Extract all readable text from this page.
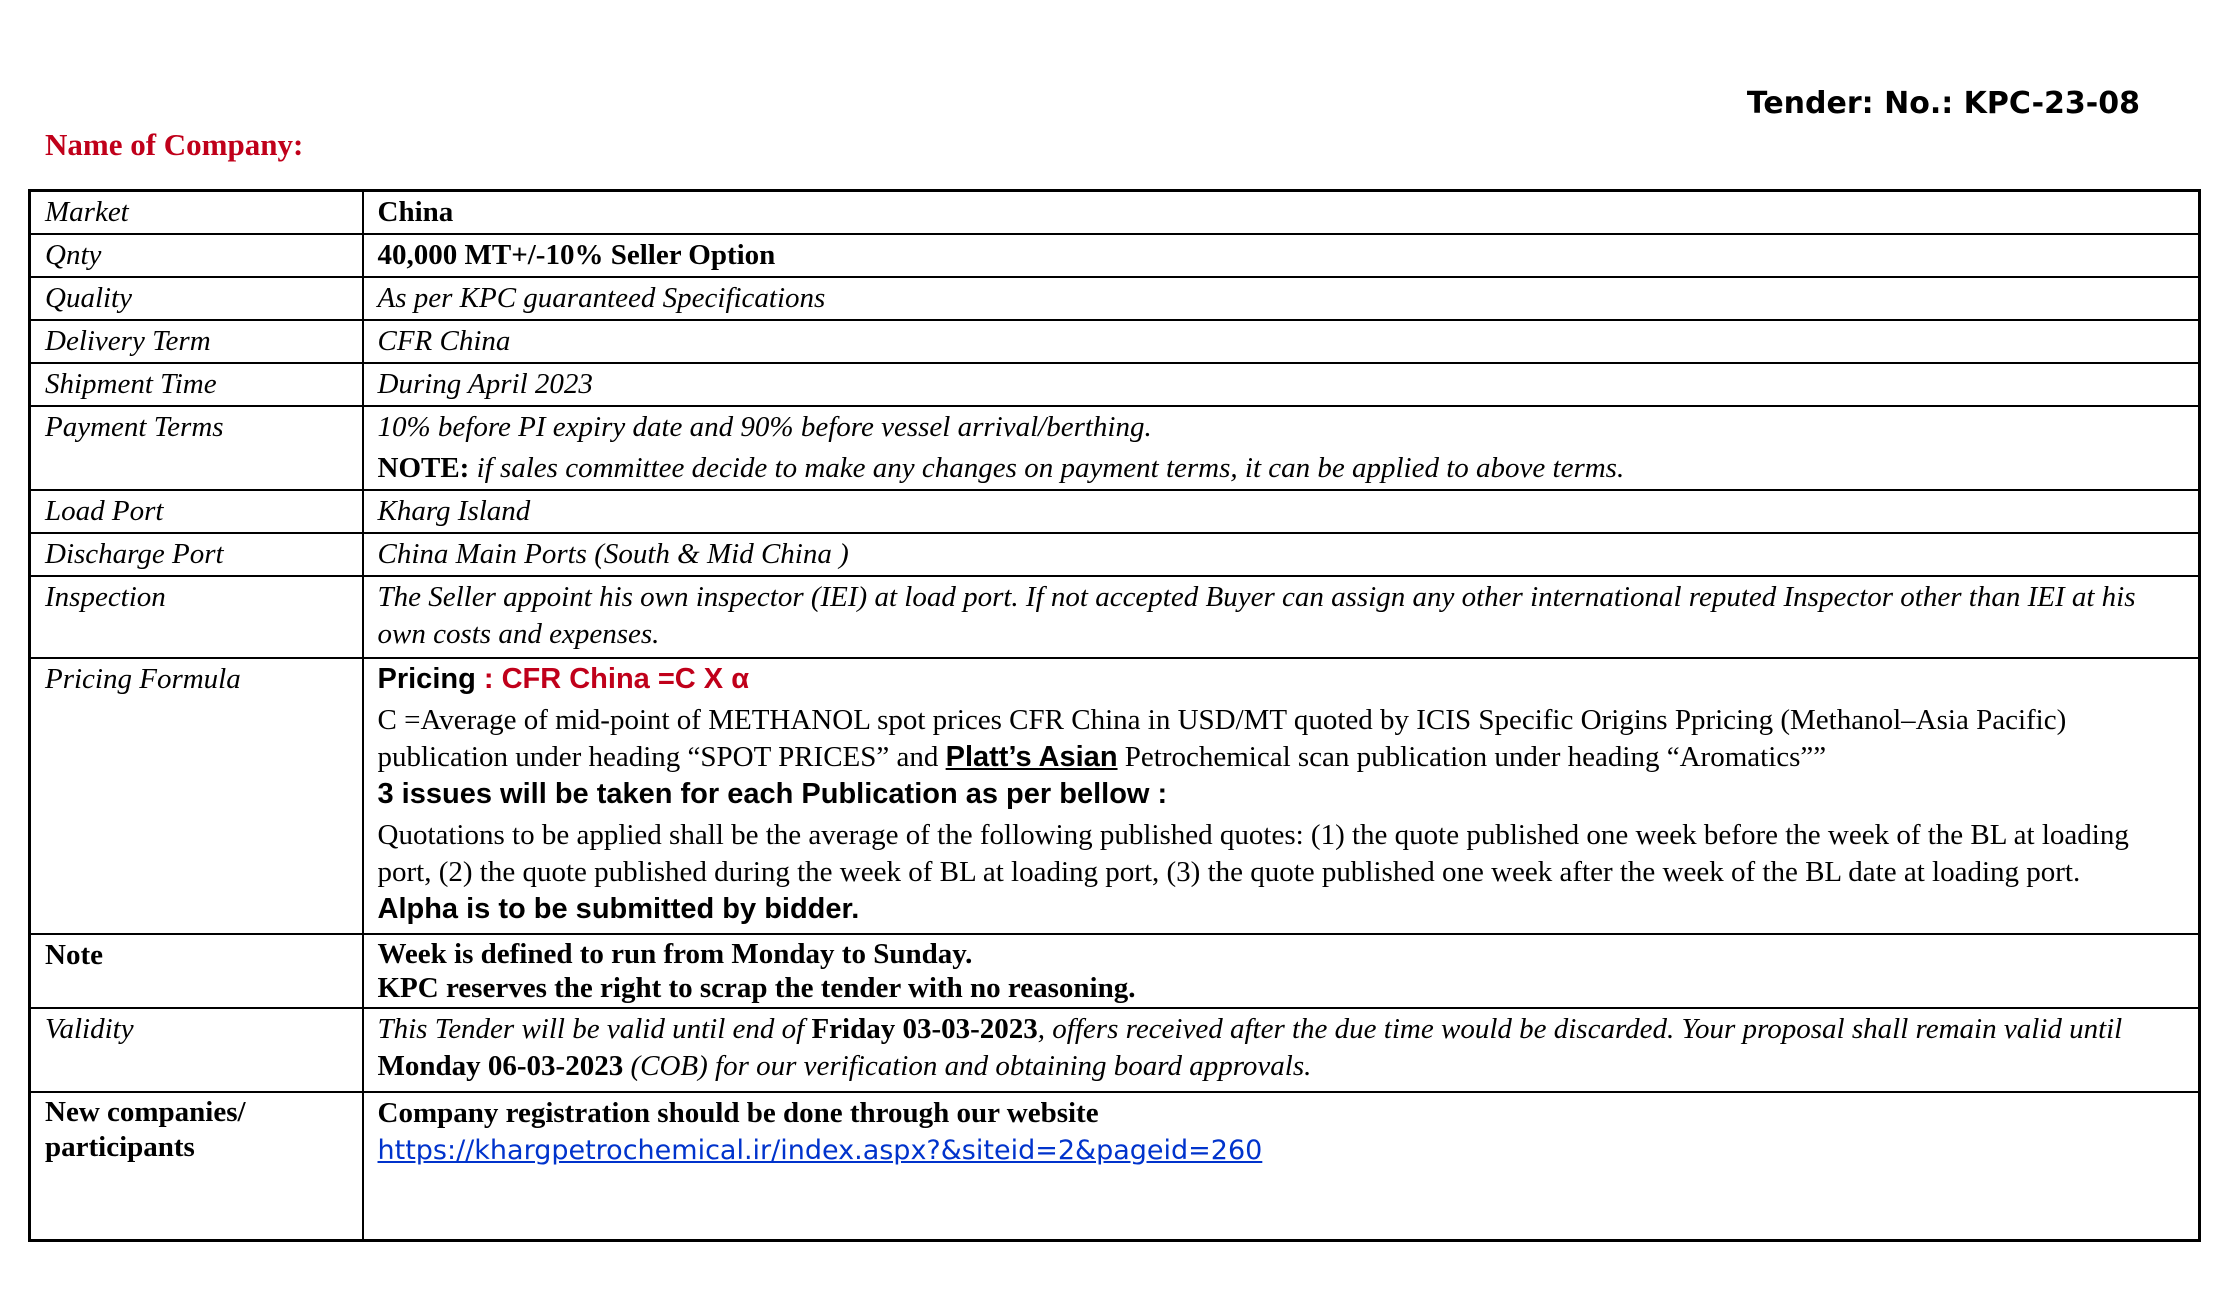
Tender: No.: KPC-23-08
Name of Company:
Market	China
Qnty	40,000 MT+/-10% Seller Option
Quality	As per KPC guaranteed Specifications
Delivery Term	CFR China
Shipment Time	During April 2023
Payment Terms	10% before PI expiry date and 90% before vessel arrival/berthing.
NOTE: if sales committee decide to make any changes on payment terms, it can be applied to above terms.

Load Port	Kharg Island
Discharge Port	China Main Ports (South & Mid China )
Inspection	The Seller appoint his own inspector (IEI) at load port. If not accepted Buyer can assign any other international reputed Inspector other than IEI at his own costs and expenses.
Pricing Formula	Pricing : CFR China =C X α
C =Average of mid-point of METHANOL spot prices CFR China in USD/MT quoted by ICIS Specific Origins Ppricing (Methanol–Asia Pacific) publication under heading “SPOT PRICES” and Platt’s Asian Petrochemical scan publication under heading “Aromatics””
3 issues will be taken for each Publication as per bellow :
Quotations to be applied shall be the average of the following published quotes: (1) the quote published one week before the week of the BL at loading port, (2) the quote published during the week of BL at loading port, (3) the quote published one week after the week of the BL date at loading port.
Alpha is to be submitted by bidder.

Note	Week is defined to run from Monday to Sunday.
KPC reserves the right to scrap the tender with no reasoning.

Validity	This Tender will be valid until end of Friday 03-03-2023, offers received after the due time would be discarded. Your proposal shall remain valid until Monday 06-03-2023 (COB) for our verification and obtaining board approvals.
New companies/ participants	Company registration should be done through our website
https://khargpetrochemical.ir/index.aspx?&siteid=2&pageid=260
